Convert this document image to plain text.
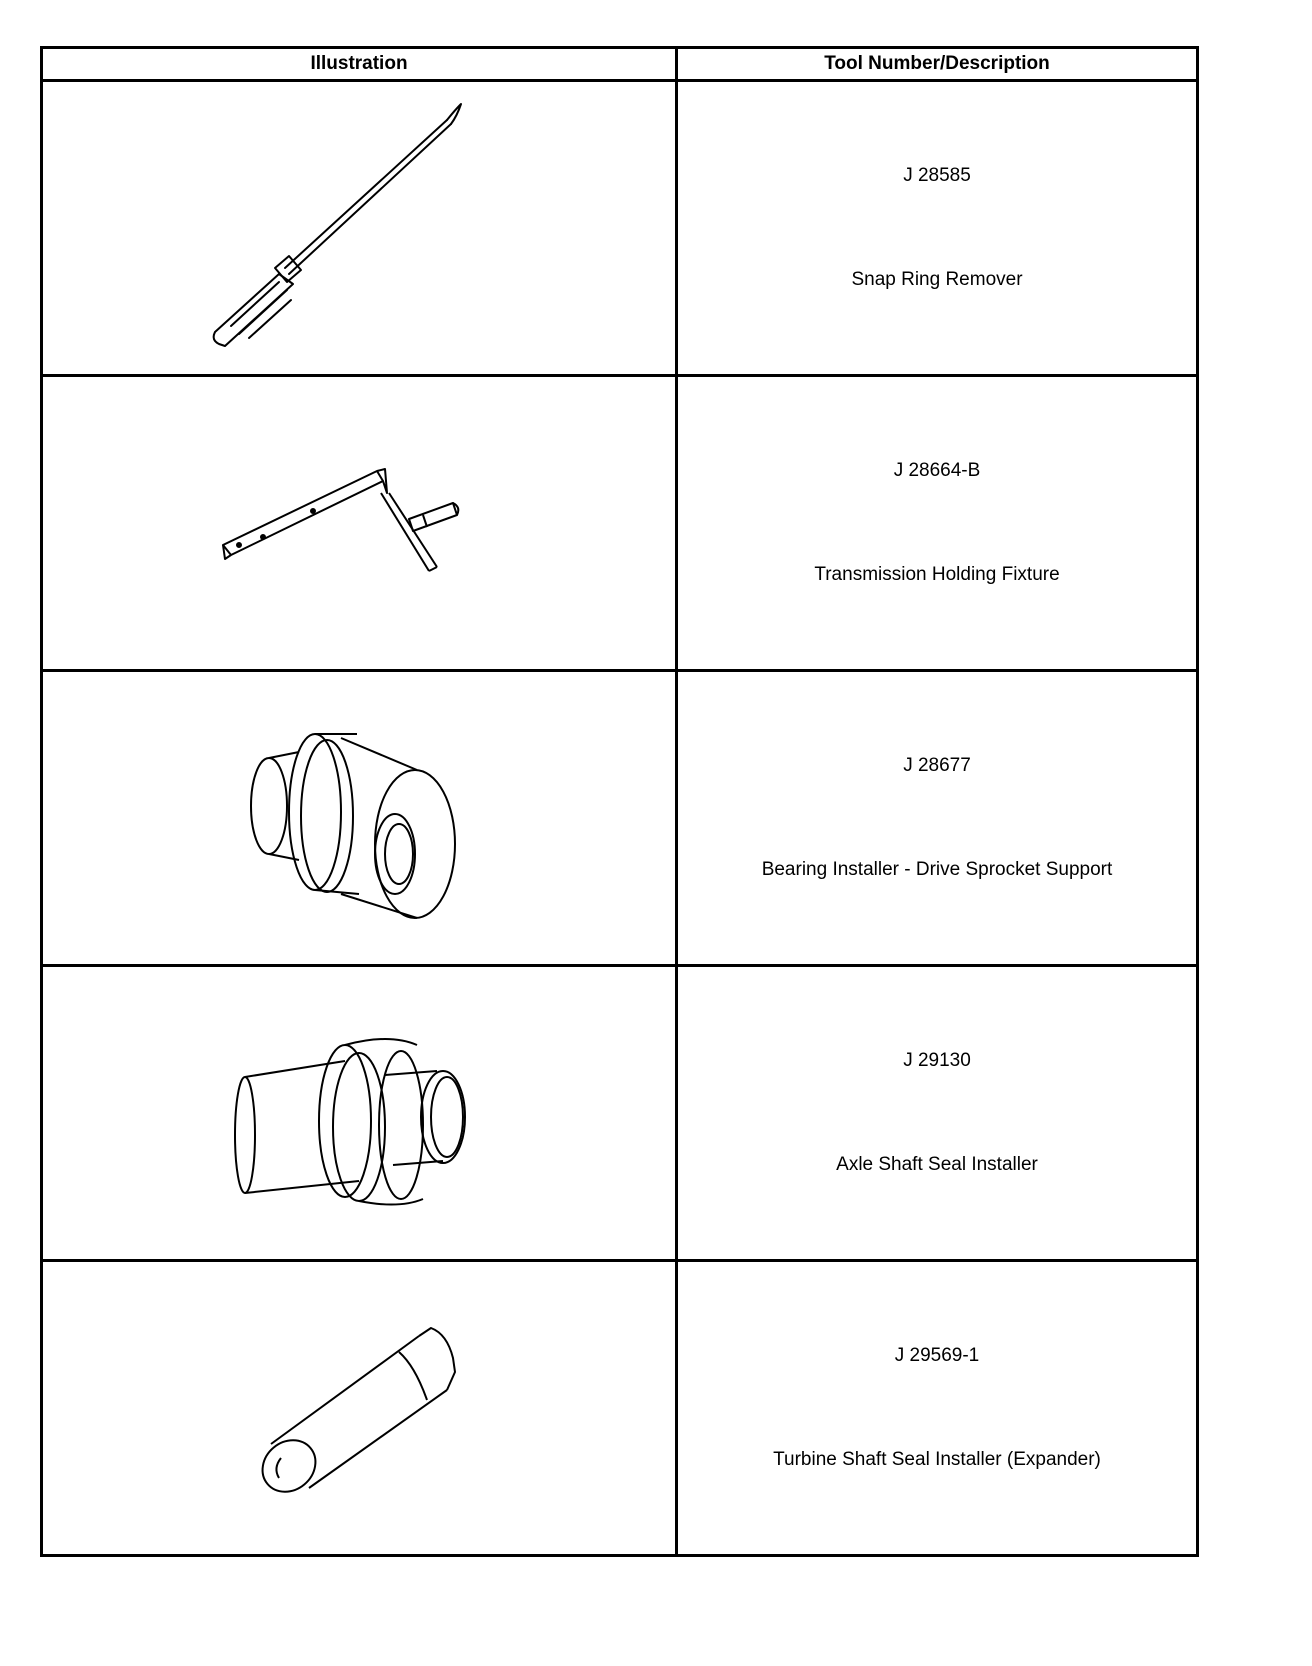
Illustration	Tool Number/Description

J 28585
Snap Ring Remover

J 28664-B
Transmission Holding Fixture

J 28677
Bearing Installer - Drive Sprocket Support

J 29130
Axle Shaft Seal Installer

J 29569-1
Turbine Shaft Seal Installer (Expander)
